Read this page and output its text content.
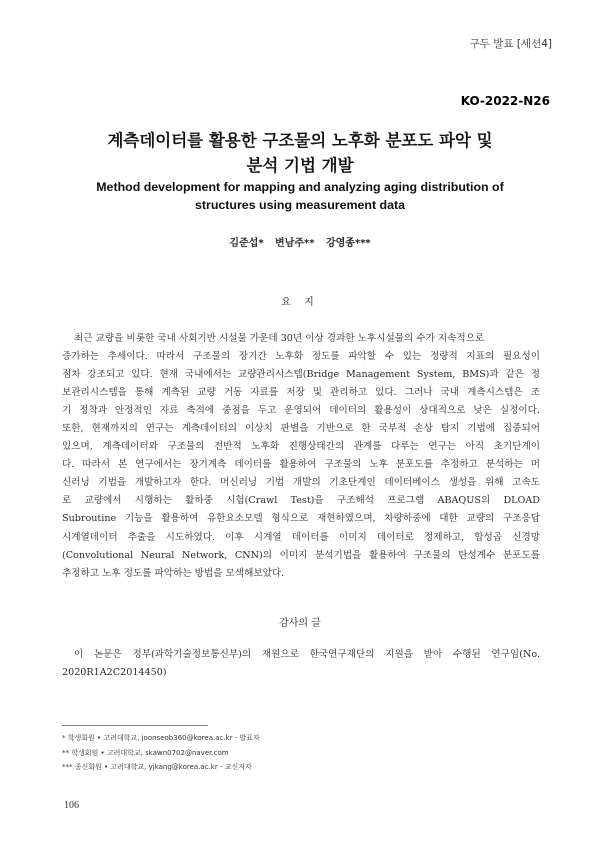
구두 발표 [세션4]
KO-2022-N26
계측데이터를 활용한 구조물의 노후화 분포도 파악 및
분석 기법 개발
Method development for mapping and analyzing aging distribution of
structures using measurement data
김준섭* 변남주** 강영종***
요 지
최근 교량을 비롯한 국내 사회기반 시설물 가운데 30년 이상 경과한 노후시설물의 수가 지속적으로
증가하는 추세이다. 따라서 구조물의 장기간 노후화 정도를 파악할 수 있는 정량적 지표의 필요성이
점차 강조되고 있다. 현재 국내에서는 교량관리시스템(Bridge Management System, BMS)과 같은 정
보관리시스템을 통해 계측된 교량 거동 자료를 저장 및 관리하고 있다. 그러나 국내 계측시스템은 조
기 정착과 안정적인 자료 축적에 중점을 두고 운영되어 데이터의 활용성이 상대적으로 낮은 실정이다.
또한, 현재까지의 연구는 계측데이터의 이상치 판별을 기반으로 한 국부적 손상 탐지 기법에 집중되어
있으며, 계측데이터와 구조물의 전반적 노후화 진행상태간의 관계를 다루는 연구는 아직 초기단계이
다. 따라서 본 연구에서는 장기계측 데이터를 활용하여 구조물의 노후 분포도를 추정하고 분석하는 머
신러닝 기법을 개발하고자 한다. 머신러닝 기법 개발의 기초단계인 데이터베이스 생성을 위해 고속도
로 교량에서 시행하는 활하중 시험(Crawl Test)을 구조해석 프로그램 ABAQUS의 DLOAD
Subroutine 기능을 활용하여 유한요소모델 형식으로 재현하였으며, 차량하중에 대한 교량의 구조응답
시계열데이터 추출을 시도하였다. 이후 시계열 데이터를 이미지 데이터로 정제하고, 합성곱 신경망
(Convolutional Neural Network, CNN)의 이미지 분석기법을 활용하여 구조물의 탄성계수 분포도를
추정하고 노후 정도를 파악하는 방법을 모색해보았다.
감사의 글
이 논문은 정부(과학기술정보통신부)의 재원으로 한국연구재단의 지원을 받아 수행된 연구임(No.
2020R1A2C2014450)
* 학생회원 • 고려대학교, joonseob360@korea.ac.kr - 발표자
** 학생회원 • 고려대학교, skawn0702@naver.com
*** 종신회원 • 고려대학교, yjkang@korea.ac.kr - 교신저자
106
